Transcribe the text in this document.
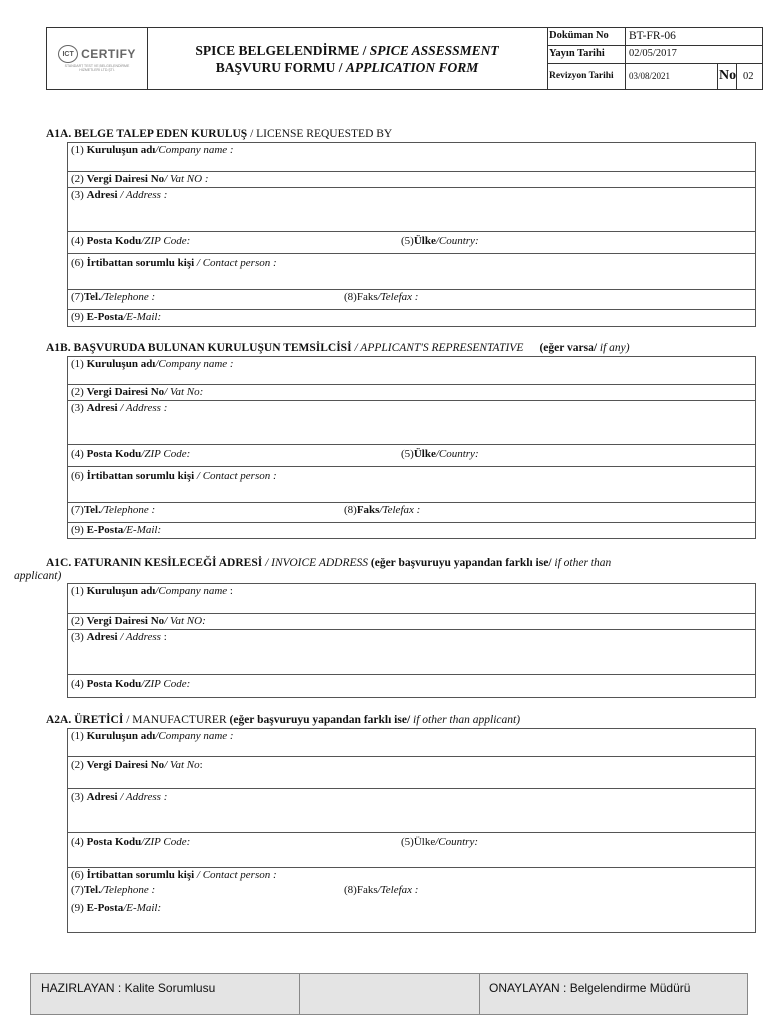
ICT CERTIFY
STANDART TEST VE BELGELENDİRME HİZMETLERİ LTD.ŞTİ.
SPICE BELGELENDİRME / SPICE ASSESSMENT
BAŞVURU FORMU / APPLICATION FORM
Doküman No BT-FR-06
Yayın Tarihi 02/05/2017
Revizyon Tarihi 03/08/2021	No 02
A1A. BELGE TALEP EDEN KURULUŞ / LICENSE REQUESTED BY
(1) Kuruluşun adı/Company name :
(2) Vergi Dairesi No/ Vat NO :
(3) Adresi / Address :
(4) Posta Kodu/ZIP Code:	(5)Ülke/Country:
(6) İrtibattan sorumlu kişi / Contact person :
(7)Tel./Telephone :	(8)Faks/Telefax :
(9) E-Posta/E-Mail:
A1B. BAŞVURUDA BULUNAN KURULUŞUN TEMSİLCİSİ / APPLICANT'S REPRESENTATIVE (eğer varsa/ if any)
(1) Kuruluşun adı/Company name :
(2) Vergi Dairesi No/ Vat No:
(3) Adresi / Address :
(4) Posta Kodu/ZIP Code:	(5)Ülke/Country:
(6) İrtibattan sorumlu kişi / Contact person :
(7)Tel./Telephone :	(8)Faks/Telefax :
(9) E-Posta/E-Mail:
A1C. FATURANIN KESİLECEĞİ ADRESİ / INVOICE ADDRESS (eğer başvuruyu yapandan farklı ise/ if other than
applicant)
(1) Kuruluşun adı/Company name :
(2) Vergi Dairesi No/ Vat NO:
(3) Adresi / Address :
(4) Posta Kodu/ZIP Code:
A2A. ÜRETİCİ / MANUFACTURER (eğer başvuruyu yapandan farklı ise/ if other than applicant)
(1) Kuruluşun adı/Company name :
(2) Vergi Dairesi No/ Vat No:
(3) Adresi / Address :
(4) Posta Kodu/ZIP Code:	(5)Ülke/Country:
(6) İrtibattan sorumlu kişi / Contact person :
(7)Tel./Telephone :	(8)Faks/Telefax :
(9) E-Posta/E-Mail:
HAZIRLAYAN : Kalite Sorumlusu	ONAYLAYAN : Belgelendirme Müdürü
